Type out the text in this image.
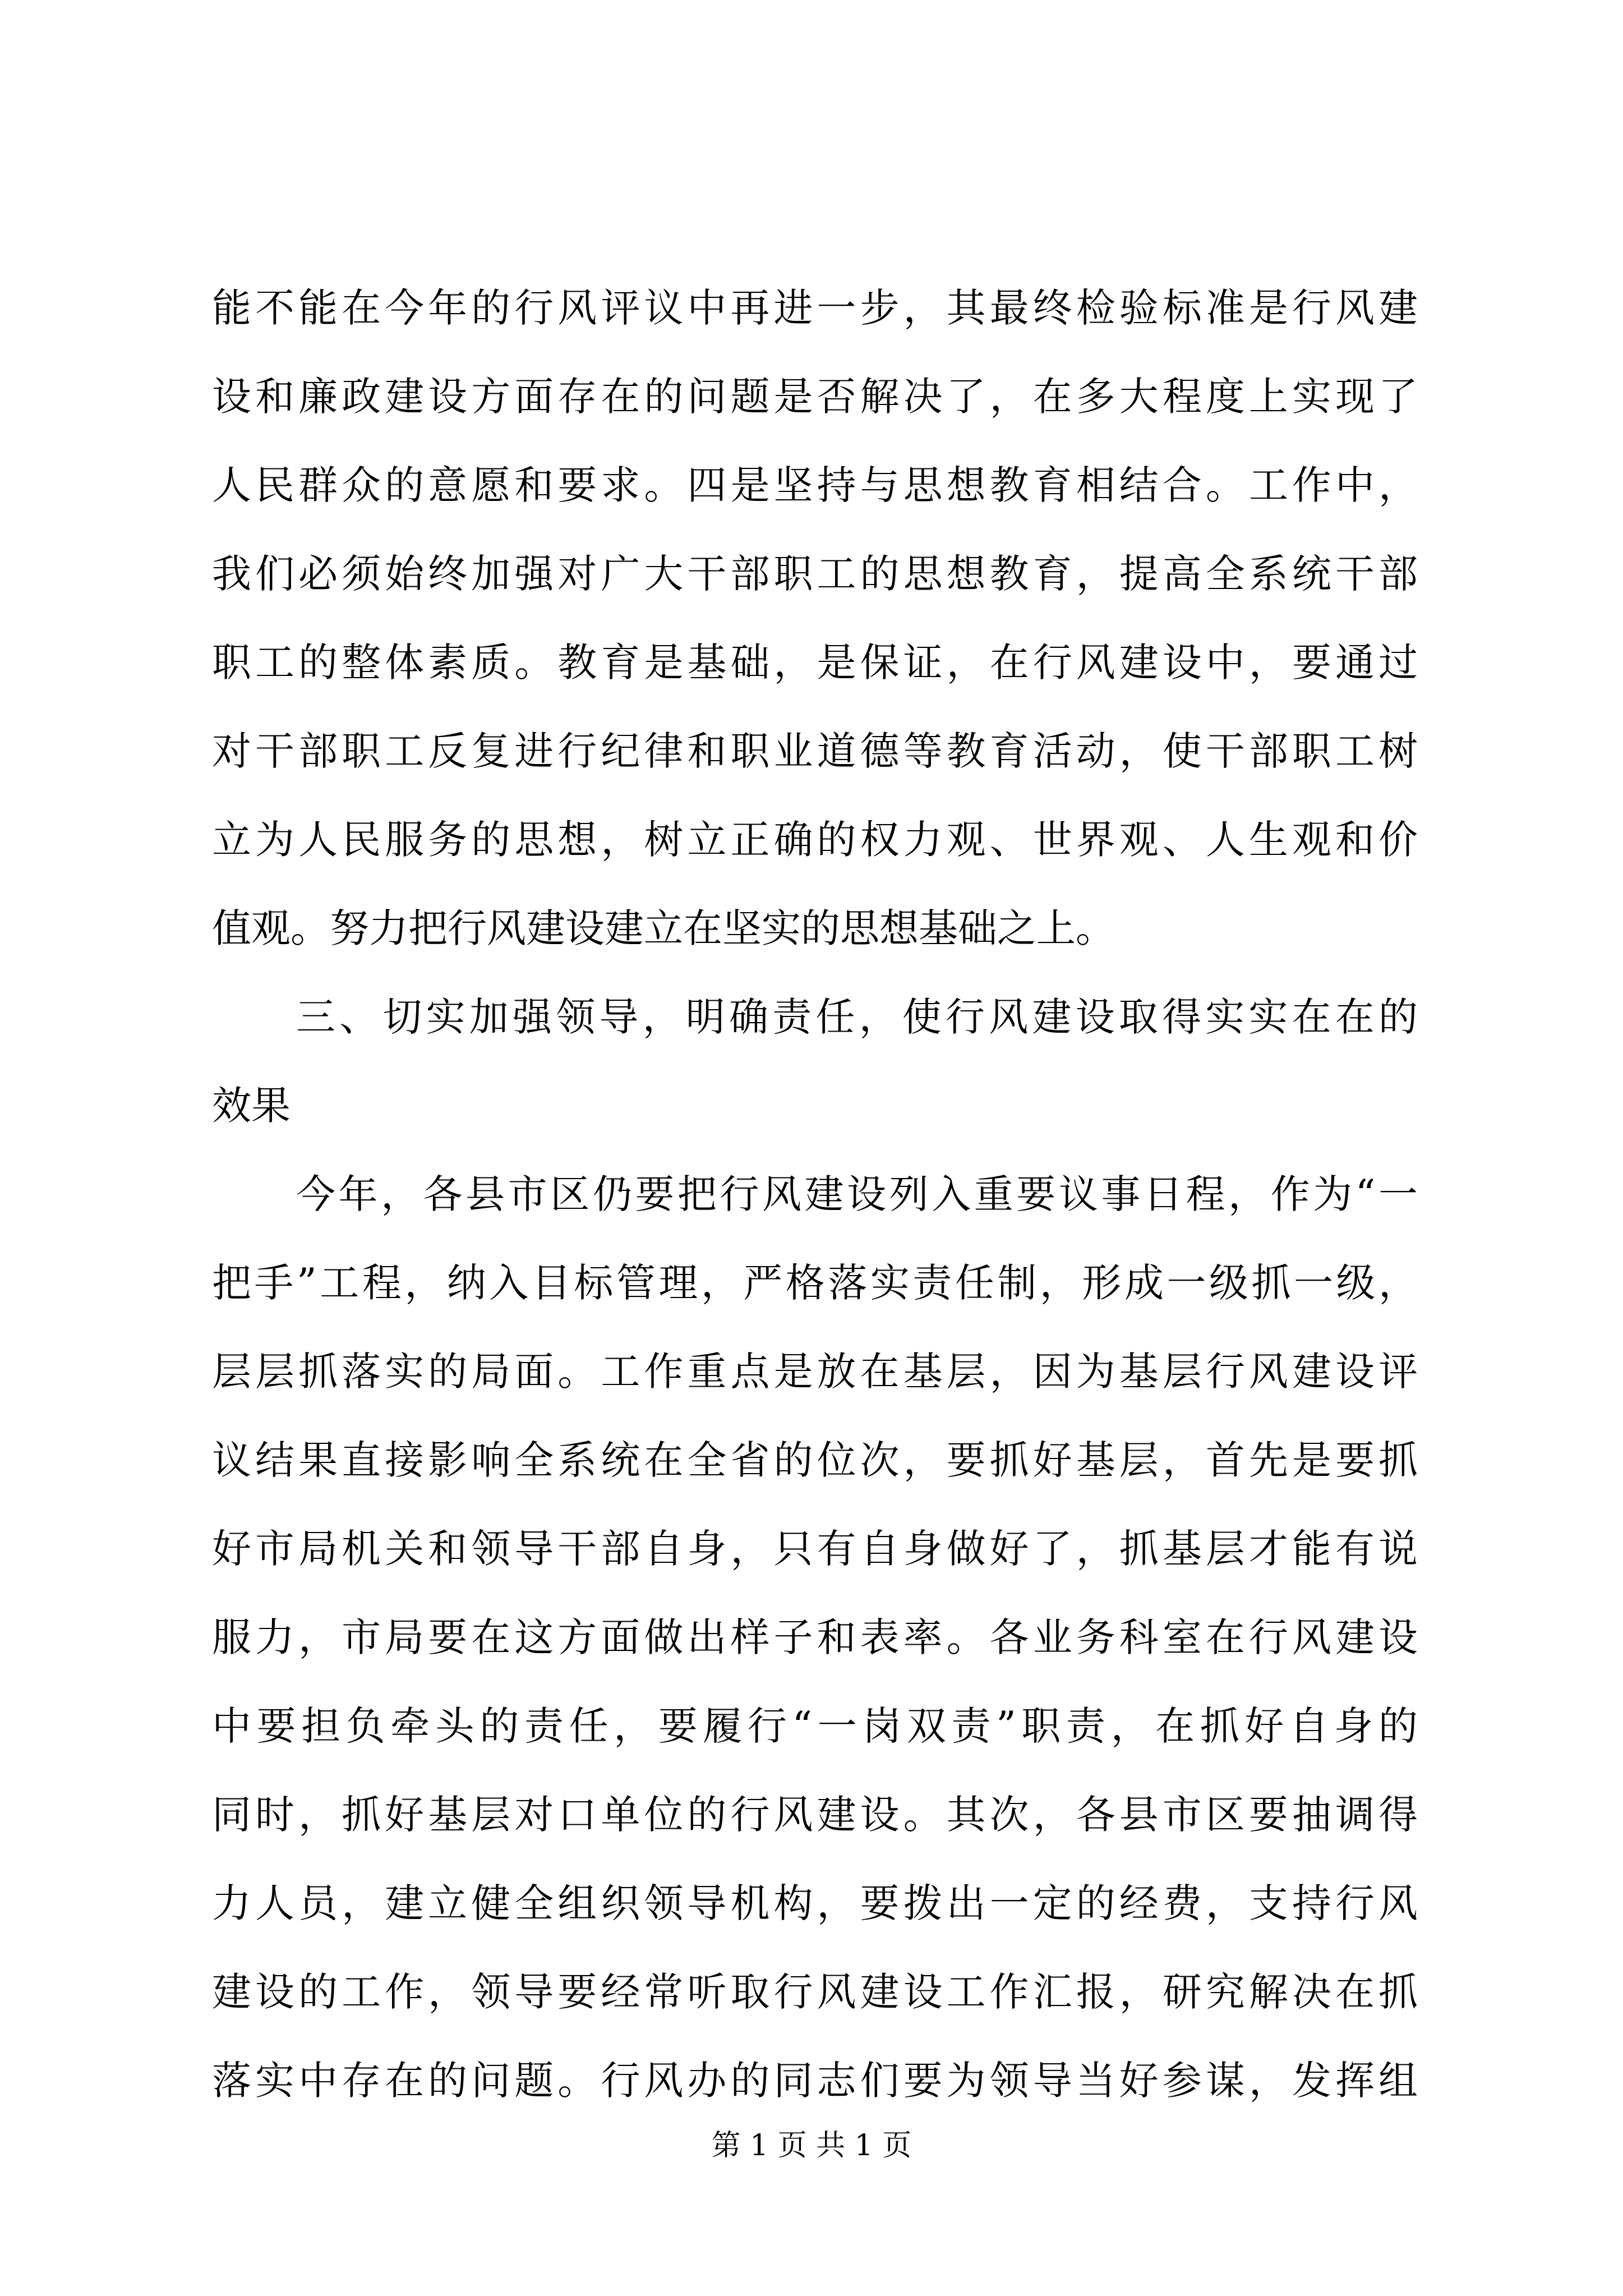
能不能在今年的行风评议中再进一步，其最终检验标准是行风建
设和廉政建设方面存在的问题是否解决了，在多大程度上实现了
人民群众的意愿和要求。四是坚持与思想教育相结合。工作中，
我们必须始终加强对广大干部职工的思想教育，提高全系统干部
职工的整体素质。教育是基础，是保证，在行风建设中，要通过
对干部职工反复进行纪律和职业道德等教育活动，使干部职工树
立为人民服务的思想，树立正确的权力观、世界观、人生观和价
值观。努力把行风建设建立在坚实的思想基础之上。
三、切实加强领导，明确责任，使行风建设取得实实在在的
效果
今年，各县市区仍要把行风建设列入重要议事日程，作为“一
把手”工程，纳入目标管理，严格落实责任制，形成一级抓一级，
层层抓落实的局面。工作重点是放在基层，因为基层行风建设评
议结果直接影响全系统在全省的位次，要抓好基层，首先是要抓
好市局机关和领导干部自身，只有自身做好了，抓基层才能有说
服力，市局要在这方面做出样子和表率。各业务科室在行风建设
中要担负牵头的责任，要履行“一岗双责”职责，在抓好自身的
同时，抓好基层对口单位的行风建设。其次，各县市区要抽调得
力人员，建立健全组织领导机构，要拨出一定的经费，支持行风
建设的工作，领导要经常听取行风建设工作汇报，研究解决在抓
落实中存在的问题。行风办的同志们要为领导当好参谋，发挥组
第 1 页 共 1 页
